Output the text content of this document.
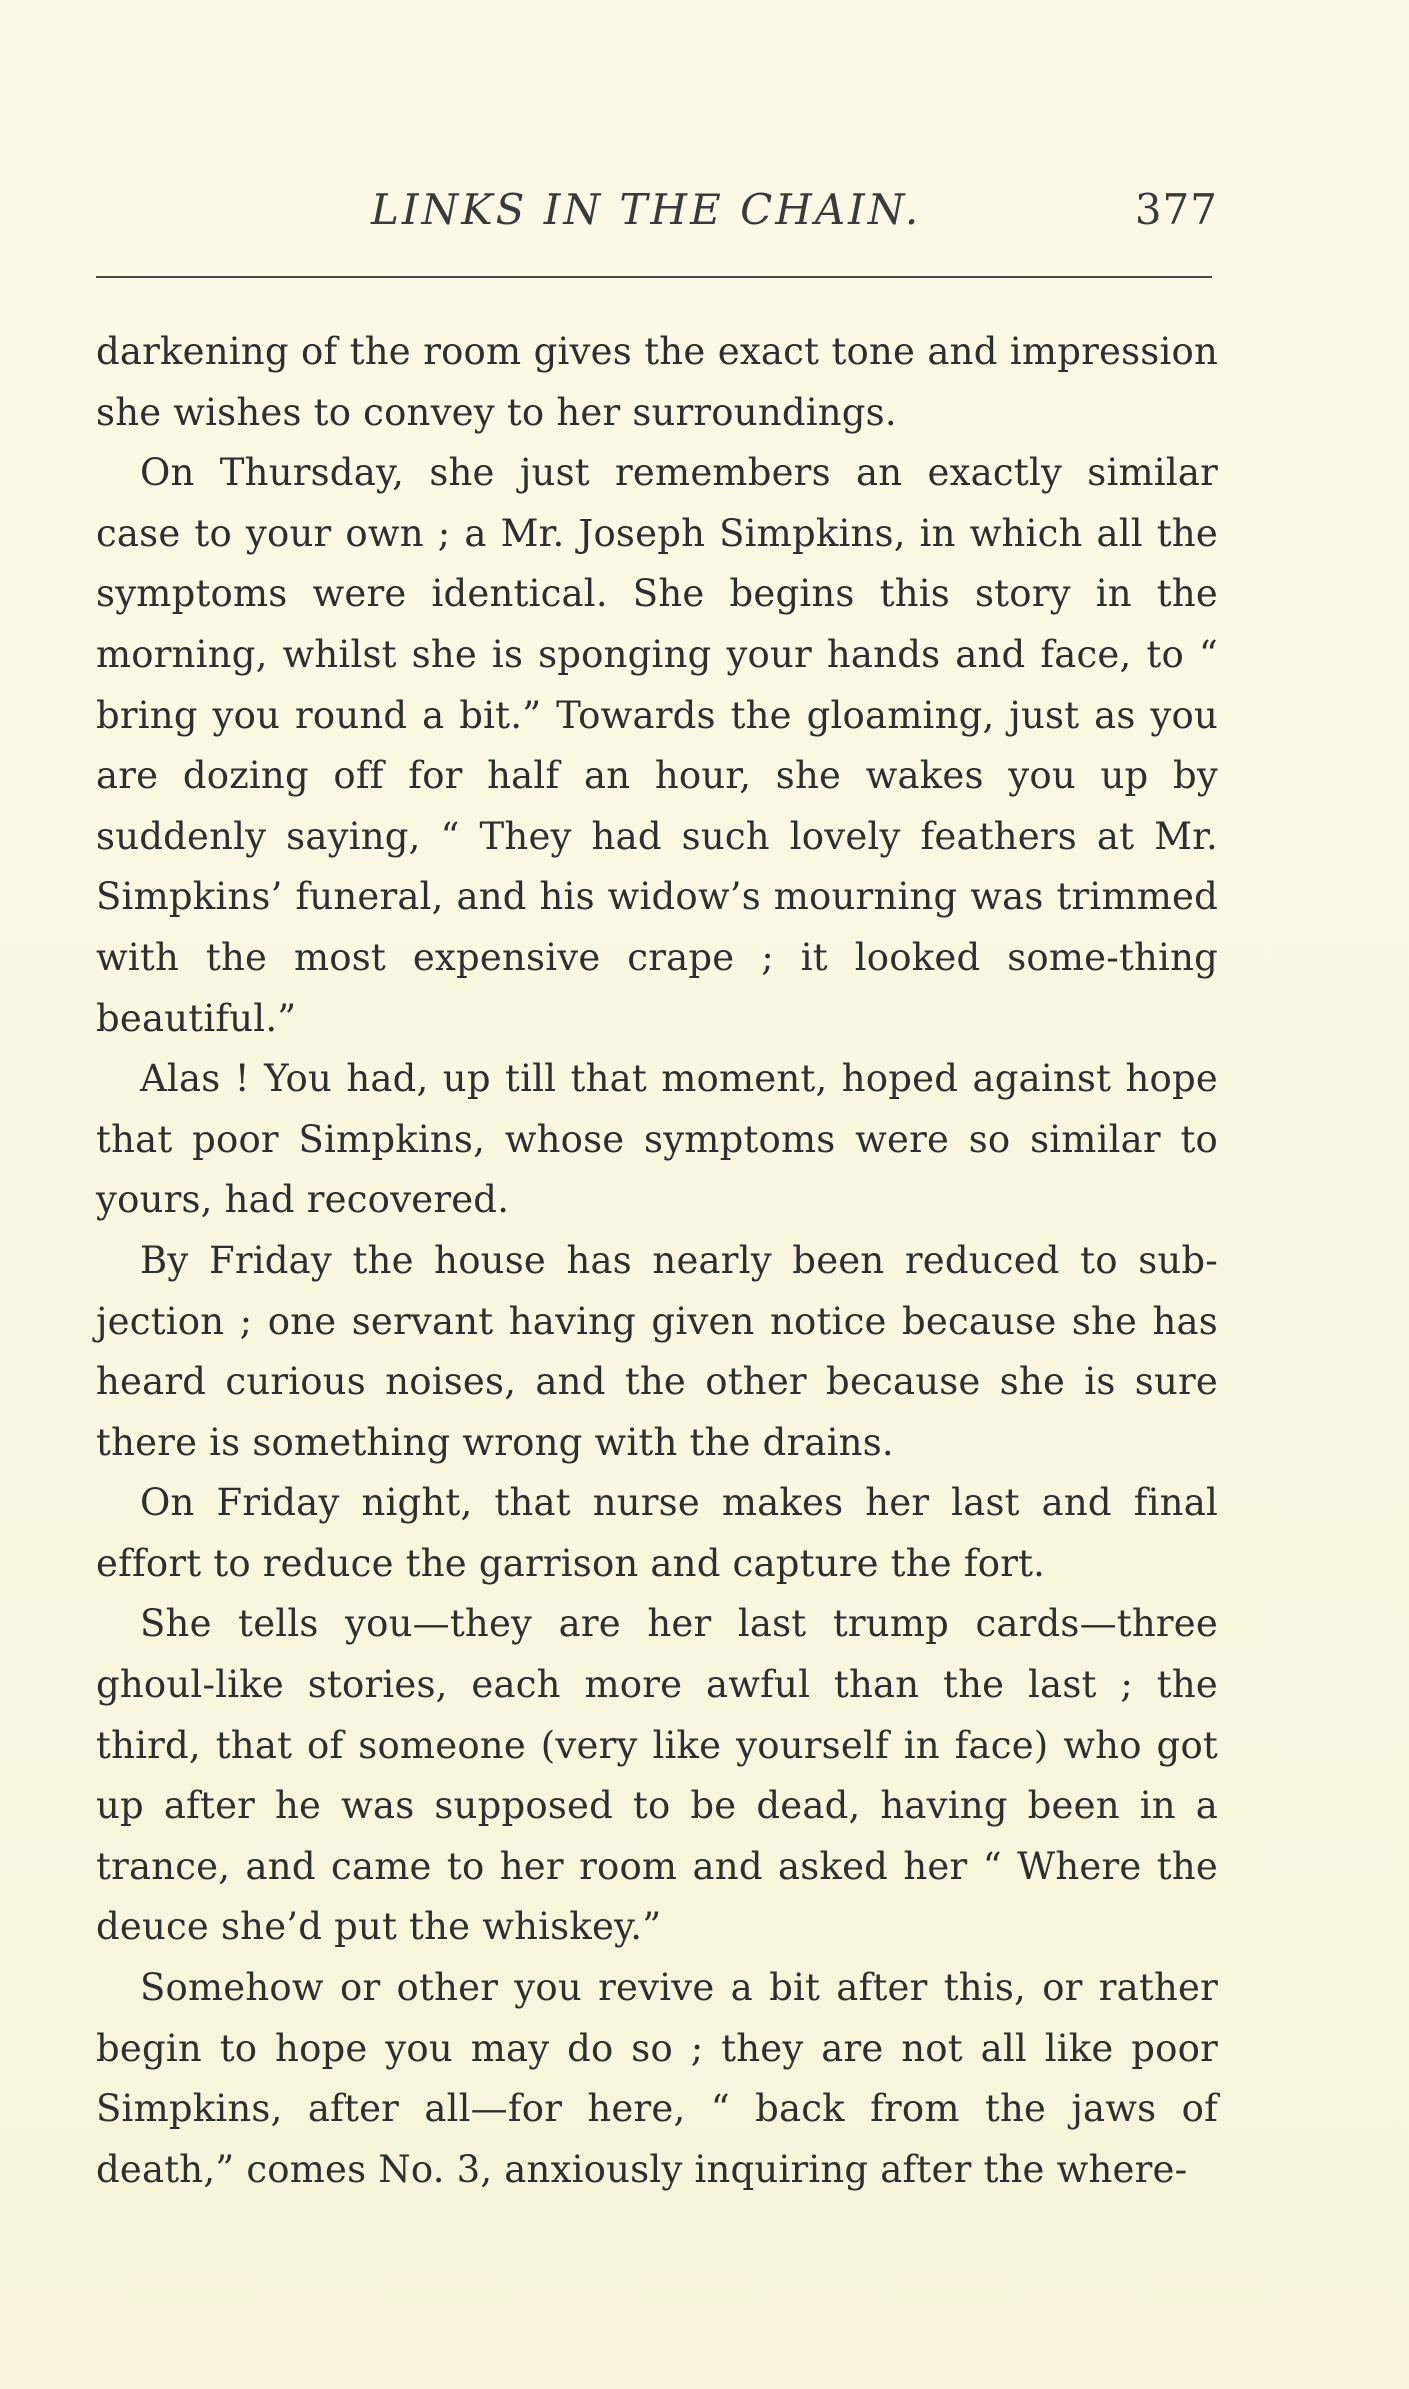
LINKS IN THE CHAIN.	377

darkening of the room gives the exact tone and impression she wishes to convey to her surroundings.

On Thursday, she just remembers an exactly similar case to your own ; a Mr. Joseph Simpkins, in which all the symptoms were identical. She begins this story in the morning, whilst she is sponging your hands and face, to “ bring you round a bit.” Towards the gloaming, just as you are dozing off for half an hour, she wakes you up by suddenly saying, “ They had such lovely feathers at Mr. Simpkins’ funeral, and his widow’s mourning was trimmed with the most expensive crape ; it looked some-thing beautiful.”

Alas ! You had, up till that moment, hoped against hope that poor Simpkins, whose symptoms were so similar to yours, had recovered.

By Friday the house has nearly been reduced to sub-jection ; one servant having given notice because she has heard curious noises, and the other because she is sure there is something wrong with the drains.

On Friday night, that nurse makes her last and final effort to reduce the garrison and capture the fort.

She tells you—they are her last trump cards—three ghoul-like stories, each more awful than the last ; the third, that of someone (very like yourself in face) who got up after he was supposed to be dead, having been in a trance, and came to her room and asked her “ Where the deuce she’d put the whiskey.”

Somehow or other you revive a bit after this, or rather begin to hope you may do so ; they are not all like poor Simpkins, after all—for here, “ back from the jaws of death,” comes No. 3, anxiously inquiring after the where-
